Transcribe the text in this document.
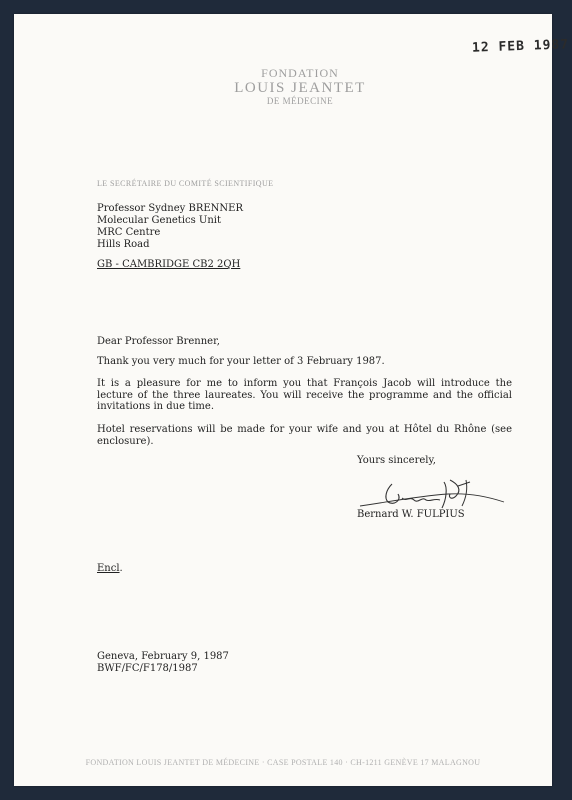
12 FEB 1987
FONDATION
LOUIS JEANTET
DE MÉDECINE
LE SECRÉTAIRE DU COMITÉ SCIENTIFIQUE
Professor Sydney BRENNER
Molecular Genetics Unit
MRC Centre
Hills Road
GB - CAMBRIDGE CB2 2QH
Dear Professor Brenner,
Thank you very much for your letter of 3 February 1987.
It is a pleasure for me to inform you that François Jacob will introduce the lecture of the three laureates. You will receive the programme and the official invitations in due time.
Hotel reservations will be made for your wife and you at Hôtel du Rhône (see enclosure).
Yours sincerely,
Bernard W. FULPIUS
Encl.
Geneva, February 9, 1987
BWF/FC/F178/1987
FONDATION LOUIS JEANTET DE MÉDECINE · CASE POSTALE 140 · CH-1211 GENÈVE 17 MALAGNOU
